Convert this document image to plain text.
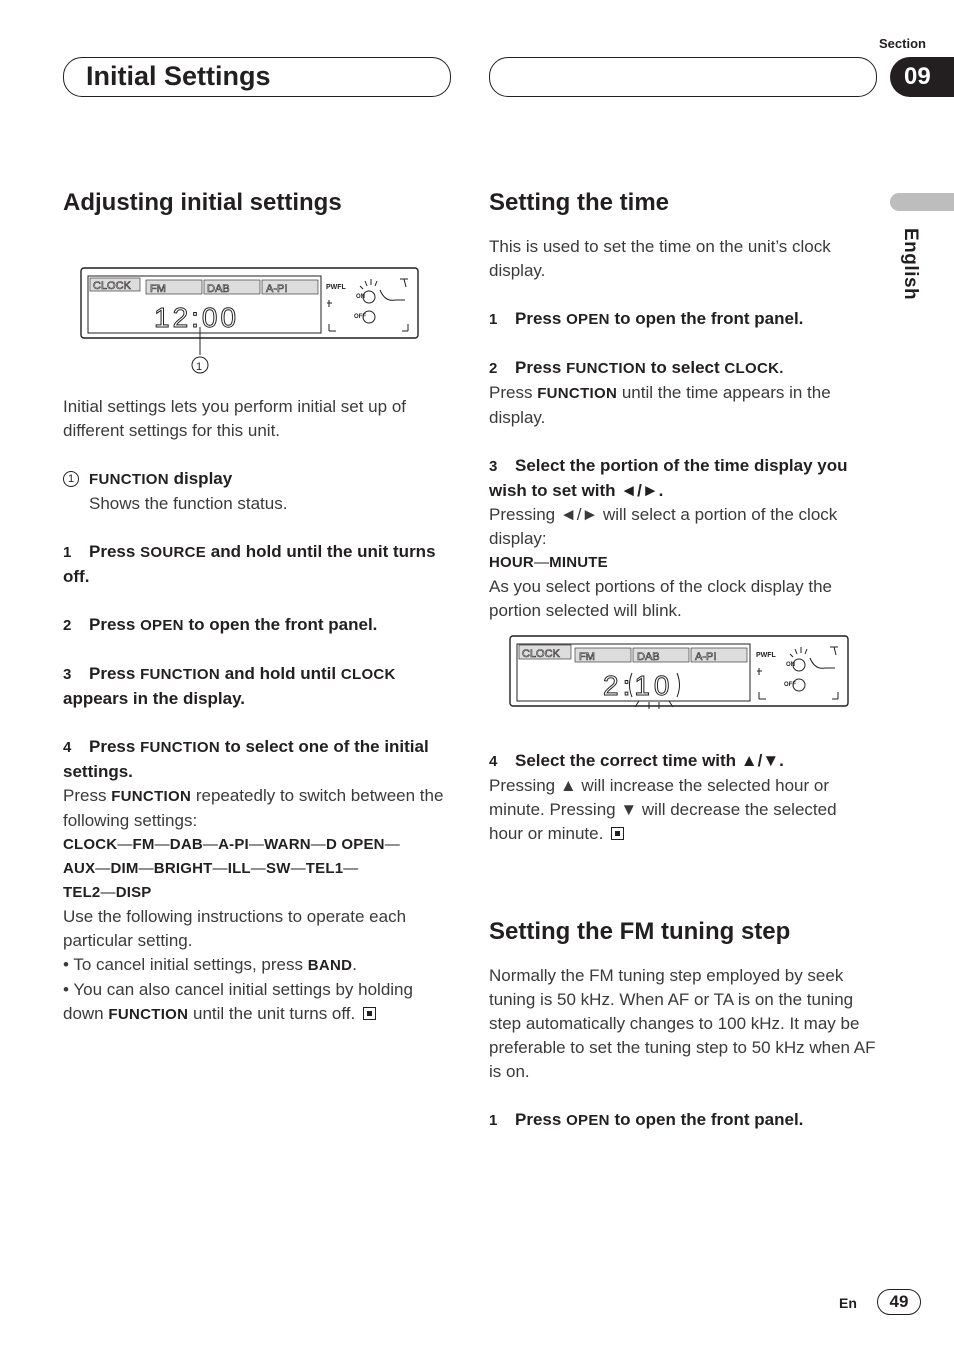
Initial Settings
Section
09
English
Adjusting initial settings
CLOCK FM	DAB	A-PI
12:00
PWFL
ON
OFF
1

Initial settings lets you perform initial set up of different settings for this unit.

1 FUNCTION display

Shows the function status.

1 Press SOURCE and hold until the unit turns off.

2 Press OPEN to open the front panel.

3 Press FUNCTION and hold until CLOCK appears in the display.

4 Press FUNCTION to select one of the initial settings.

Press FUNCTION repeatedly to switch between the following settings:

CLOCK—FM—DAB—A-PI—WARN—D OPEN—

AUX—DIM—BRIGHT—ILL—SW—TEL1—

TEL2—DISP

Use the following instructions to operate each particular setting.

• To cancel initial settings, press BAND.

• You can also cancel initial settings by holding down FUNCTION until the unit turns off.

Setting the time

This is used to set the time on the unit’s clock display.

1 Press OPEN to open the front panel.

2 Press FUNCTION to select CLOCK.

Press FUNCTION until the time appears in the display.

3 Select the portion of the time display you wish to set with ◄/►.

Pressing ◄/► will select a portion of the clock display:

HOUR—MINUTE

As you select portions of the clock display the portion selected will blink.

CLOCK FM	DAB	A-PI
2:10
PWFL
ON
OFF

4 Select the correct time with ▲/▼.

Pressing ▲ will increase the selected hour or minute. Pressing ▼ will decrease the selected hour or minute.

Setting the FM tuning step

Normally the FM tuning step employed by seek tuning is 50 kHz. When AF or TA is on the tuning step automatically changes to 100 kHz. It may be preferable to set the tuning step to 50 kHz when AF is on.

1 Press OPEN to open the front panel.

En	49
